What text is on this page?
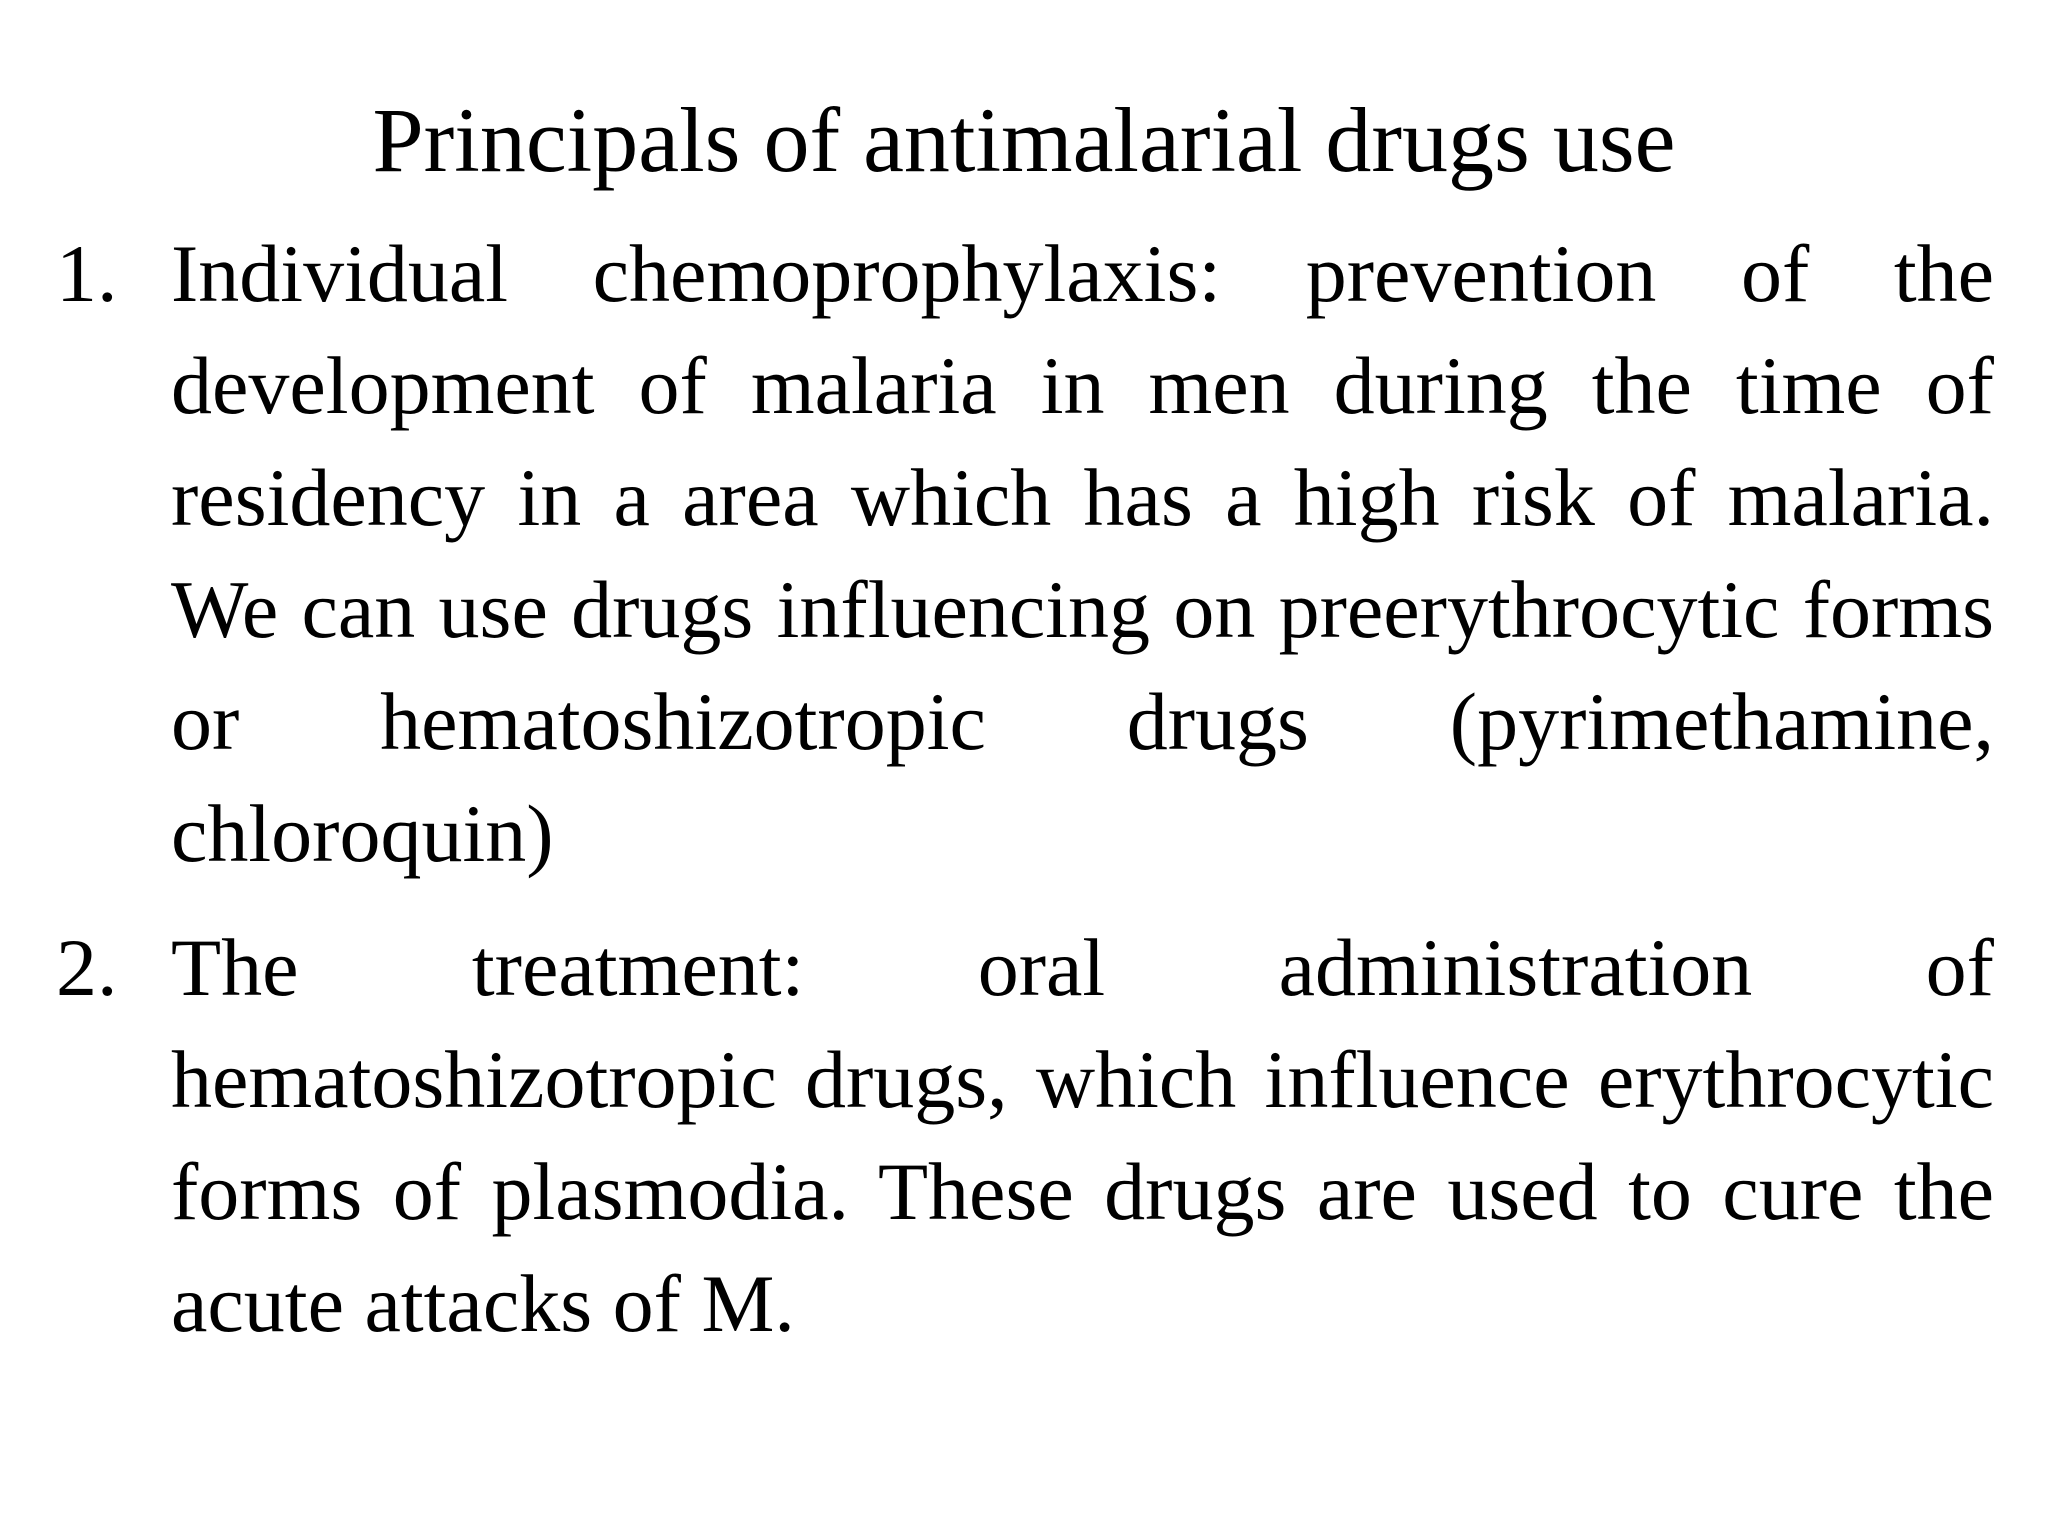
Principals of antimalarial drugs use
1. Individual chemoprophylaxis: prevention of the development of malaria in men during the time of residency in a area which has a high risk of malaria. We can use drugs influencing on preerythrocytic forms or hematoshizotropic drugs (pyrimethamine, chloroquin)
2. The treatment: oral administration of hematoshizotropic drugs, which influence erythrocytic forms of plasmodia. These drugs are used to cure the acute attacks of M.
